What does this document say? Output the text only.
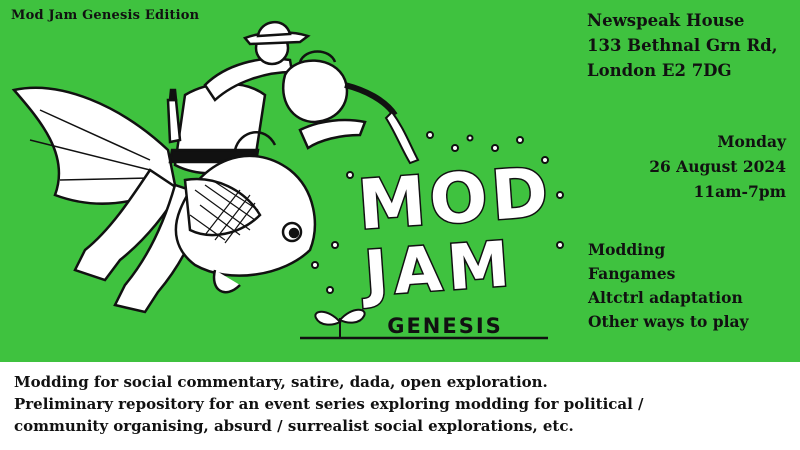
MOD
JAM
GENESIS
Mod Jam Genesis Edition	Newspeak House
133 Bethnal Grn Rd,
London E2 7DG
Monday
26 August 2024
11am-7pm
Modding
Fangames
Altctrl adaptation
Other ways to play
Modding for social commentary, satire, dada, open exploration.
Preliminary repository for an event series exploring modding for political /
community organising, absurd / surrealist social explorations, etc.
